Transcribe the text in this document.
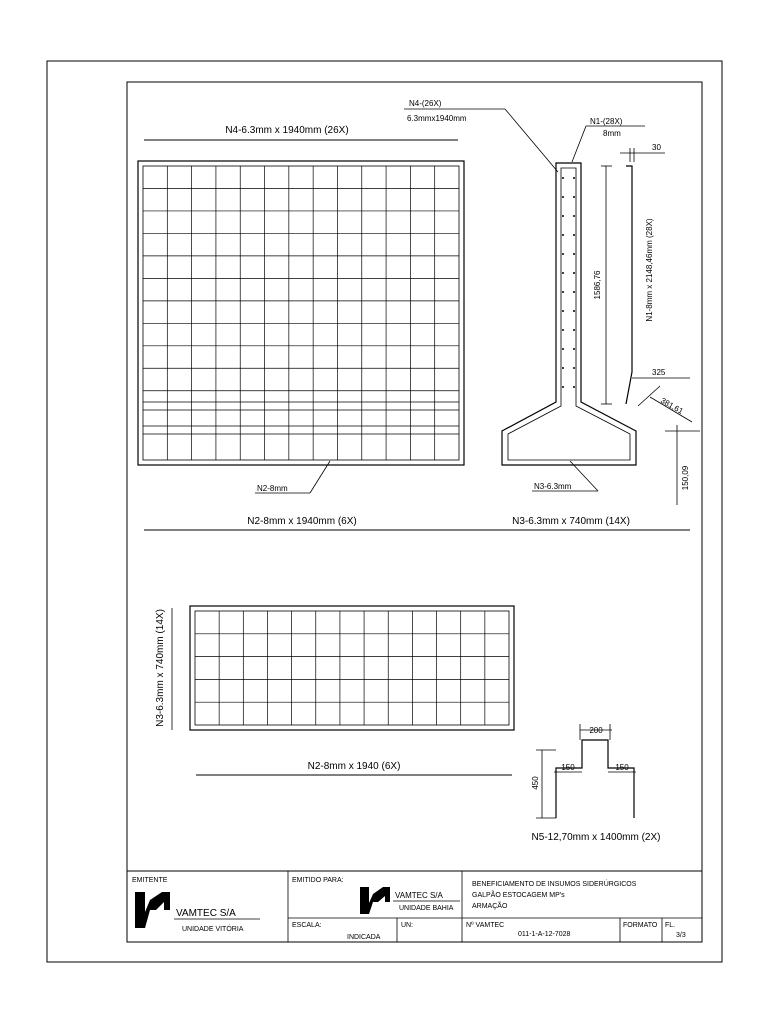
N4-6.3mm x 1940mm (26X)
N2-8mm
N2-8mm x 1940mm (6X)
N4-(26X)
6.3mmx1940mm	N1-(28X)
8mm
N3-6.3mm
N3-6.3mm x 740mm (14X)
1586,76
30
N1-8mm x 2148,46mm (28X)
325
381,61
150,09
N3-6.3mm x 740mm (14X)
N2-8mm x 1940 (6X)
200
150	150
450
N5-12,70mm x 1400mm (2X)
EMITENTE
VAMTEC S/A
UNIDADE VITÓRIA
EMITIDO PARA:
VAMTEC S/A
UNIDADE BAHIA
BENEFICIAMENTO DE INSUMOS SIDERÚRGICOS
GALPÃO ESTOCAGEM MP's
ARMAÇÃO
ESCALA:
INDICADA
UN:	Nº VAMTEC
011-1-A-12-7028
FORMATO FL.
3/3
